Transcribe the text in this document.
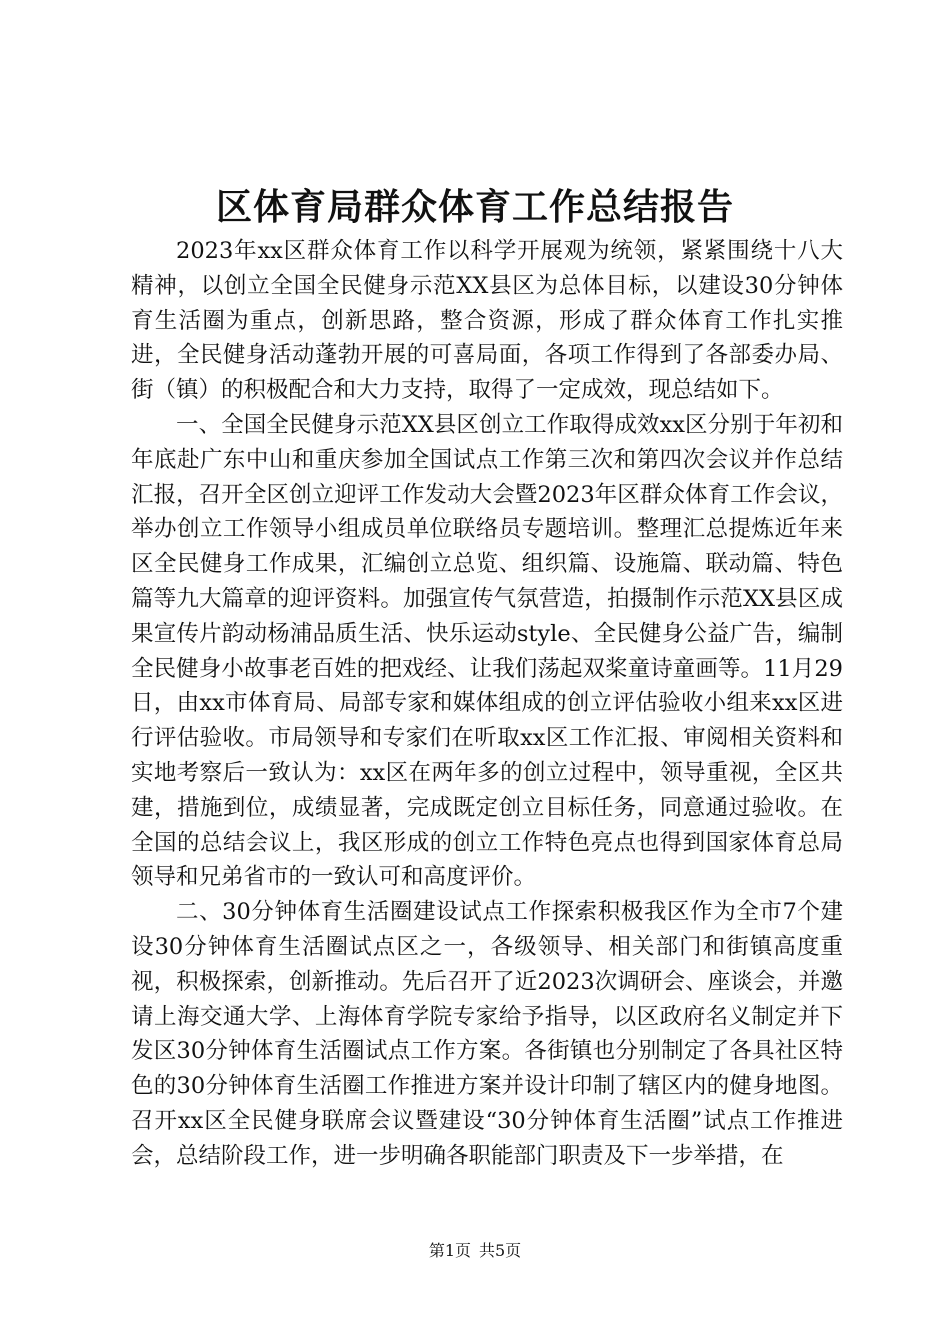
区体育局群众体育工作总结报告

2023年xx区群众体育工作以科学开展观为统领，紧紧围绕十八大精神，以创立全国全民健身示范XX县区为总体目标，以建设30分钟体育生活圈为重点，创新思路，整合资源，形成了群众体育工作扎实推进，全民健身活动蓬勃开展的可喜局面，各项工作得到了各部委办局、街（镇）的积极配合和大力支持，取得了一定成效，现总结如下。

一、全国全民健身示范XX县区创立工作取得成效xx区分别于年初和年底赴广东中山和重庆参加全国试点工作第三次和第四次会议并作总结汇报，召开全区创立迎评工作发动大会暨2023年区群众体育工作会议，举办创立工作领导小组成员单位联络员专题培训。整理汇总提炼近年来区全民健身工作成果，汇编创立总览、组织篇、设施篇、联动篇、特色篇等九大篇章的迎评资料。加强宣传气氛营造，拍摄制作示范XX县区成果宣传片韵动杨浦品质生活、快乐运动style、全民健身公益广告，编制全民健身小故事老百姓的把戏经、让我们荡起双桨童诗童画等。11月29日，由xx市体育局、局部专家和媒体组成的创立评估验收小组来xx区进行评估验收。市局领导和专家们在听取xx区工作汇报、审阅相关资料和实地考察后一致认为：xx区在两年多的创立过程中，领导重视，全区共建，措施到位，成绩显著，完成既定创立目标任务，同意通过验收。在全国的总结会议上，我区形成的创立工作特色亮点也得到国家体育总局领导和兄弟省市的一致认可和高度评价。

二、30分钟体育生活圈建设试点工作探索积极我区作为全市7个建设30分钟体育生活圈试点区之一，各级领导、相关部门和街镇高度重视，积极探索，创新推动。先后召开了近2023次调研会、座谈会，并邀请上海交通大学、上海体育学院专家给予指导，以区政府名义制定并下发区30分钟体育生活圈试点工作方案。各街镇也分别制定了各具社区特色的30分钟体育生活圈工作推进方案并设计印制了辖区内的健身地图。召开xx区全民健身联席会议暨建设“30分钟体育生活圈”试点工作推进会，总结阶段工作，进一步明确各职能部门职责及下一步举措，在

第1页 共5页
